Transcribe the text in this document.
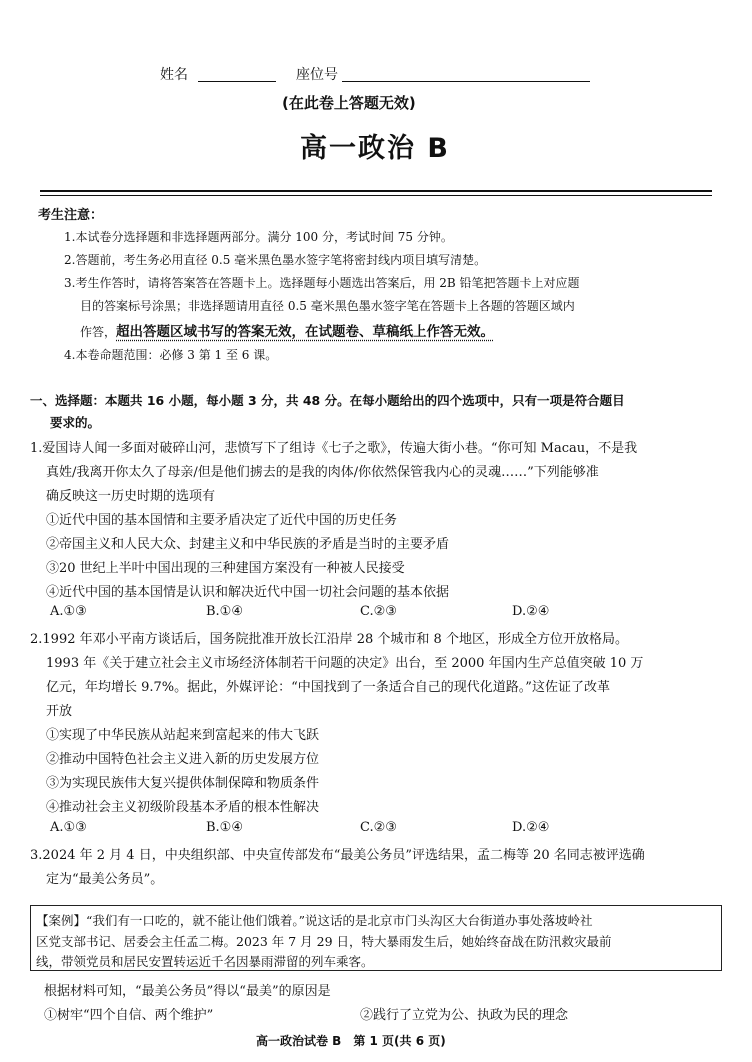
姓名	座位号
(在此卷上答题无效)
高一政治 B
考生注意：
1.本试卷分选择题和非选择题两部分。满分 100 分，考试时间 75 分钟。
2.答题前，考生务必用直径 0.5 毫米黑色墨水签字笔将密封线内项目填写清楚。
3.考生作答时，请将答案答在答题卡上。选择题每小题选出答案后，用 2B 铅笔把答题卡上对应题
目的答案标号涂黑；非选择题请用直径 0.5 毫米黑色墨水签字笔在答题卡上各题的答题区域内
作答，超出答题区域书写的答案无效，在试题卷、草稿纸上作答无效。
4.本卷命题范围：必修 3 第 1 至 6 课。
一、选择题：本题共 16 小题，每小题 3 分，共 48 分。在每小题给出的四个选项中，只有一项是符合题目
要求的。
1.爱国诗人闻一多面对破碎山河，悲愤写下了组诗《七子之歌》，传遍大街小巷。“你可知 Macau，不是我
真姓/我离开你太久了母亲/但是他们掳去的是我的肉体/你依然保管我内心的灵魂……”下列能够准
确反映这一历史时期的选项有
①近代中国的基本国情和主要矛盾决定了近代中国的历史任务
②帝国主义和人民大众、封建主义和中华民族的矛盾是当时的主要矛盾
③20 世纪上半叶中国出现的三种建国方案没有一种被人民接受
④近代中国的基本国情是认识和解决近代中国一切社会问题的基本依据
A.①③	B.①④	C.②③	D.②④
2.1992 年邓小平南方谈话后，国务院批准开放长江沿岸 28 个城市和 8 个地区，形成全方位开放格局。
1993 年《关于建立社会主义市场经济体制若干问题的决定》出台，至 2000 年国内生产总值突破 10 万
亿元，年均增长 9.7%。据此，外媒评论：“中国找到了一条适合自己的现代化道路。”这佐证了改革
开放
①实现了中华民族从站起来到富起来的伟大飞跃
②推动中国特色社会主义进入新的历史发展方位
③为实现民族伟大复兴提供体制保障和物质条件
④推动社会主义初级阶段基本矛盾的根本性解决
A.①③	B.①④	C.②③	D.②④
3.2024 年 2 月 4 日，中央组织部、中央宣传部发布“最美公务员”评选结果，孟二梅等 20 名同志被评选确
定为“最美公务员”。
【案例】“我们有一口吃的，就不能让他们饿着。”说这话的是北京市门头沟区大台街道办事处落坡岭社
区党支部书记、居委会主任孟二梅。2023 年 7 月 29 日，特大暴雨发生后，她始终奋战在防汛救灾最前
线，带领党员和居民安置转运近千名因暴雨滞留的列车乘客。
根据材料可知，“最美公务员”得以“最美”的原因是
①树牢“四个自信、两个维护”	②践行了立党为公、执政为民的理念
高一政治试卷 B　第 1 页(共 6 页)
